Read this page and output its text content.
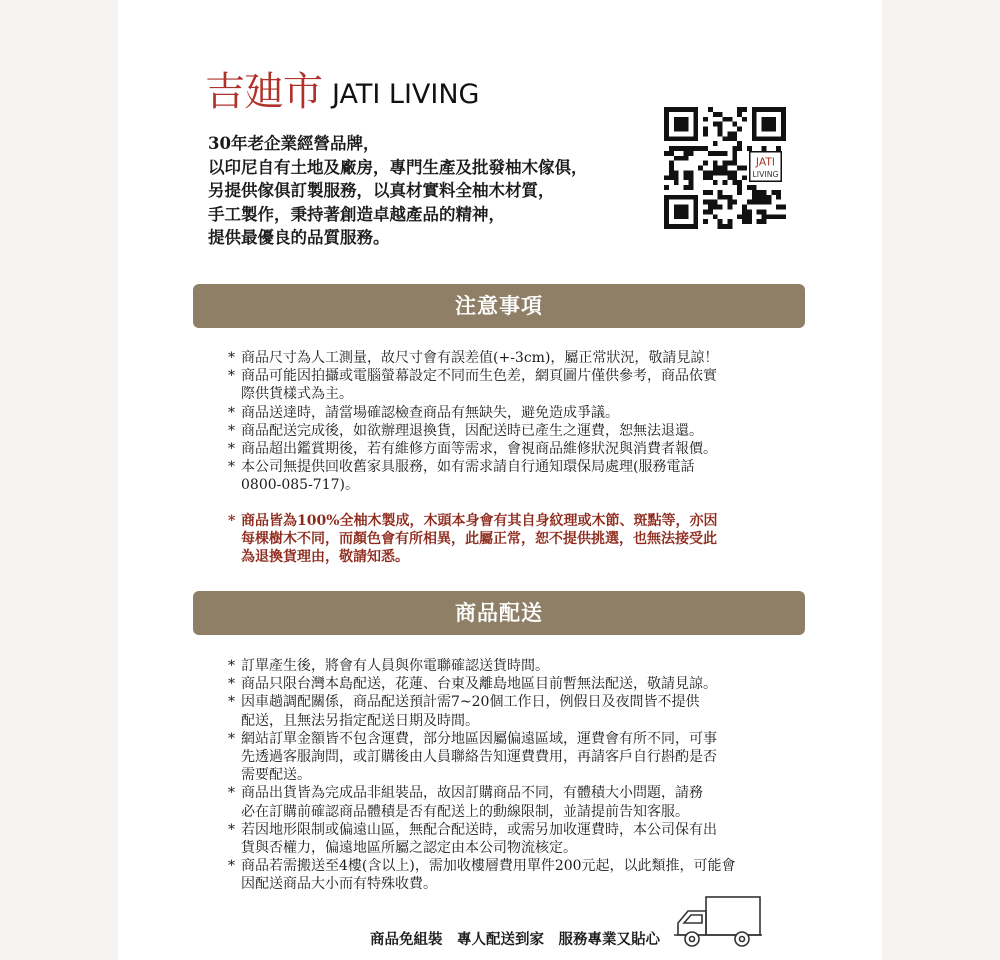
吉廸市 JATI LIVING
30年老企業經營品牌，
以印尼自有土地及廠房，專門生產及批發柚木傢俱，
另提供傢俱訂製服務，以真材實料全柚木材質，
手工製作，秉持著創造卓越產品的精神，
提供最優良的品質服務。
JATI
LIVING
注意事項
* 商品尺寸為人工測量，故尺寸會有誤差值(+-3cm)，屬正常狀況，敬請見諒！
* 商品可能因拍攝或電腦螢幕設定不同而生色差，網頁圖片僅供參考，商品依實
際供貨樣式為主。
* 商品送達時，請當場確認檢查商品有無缺失，避免造成爭議。
* 商品配送完成後，如欲辦理退換貨，因配送時已產生之運費，恕無法退還。
* 商品超出鑑賞期後，若有維修方面等需求，會視商品維修狀況與消費者報價。
* 本公司無提供回收舊家具服務，如有需求請自行通知環保局處理(服務電話
0800-085-717)。
* 商品皆為100%全柚木製成，木頭本身會有其自身紋理或木節、斑點等，亦因
每棵樹木不同，而顏色會有所相異，此屬正常，恕不提供挑選，也無法接受此
為退換貨理由，敬請知悉。
商品配送
* 訂單產生後，將會有人員與你電聯確認送貨時間。
* 商品只限台灣本島配送，花蓮、台東及離島地區目前暫無法配送，敬請見諒。
* 因車趟調配關係，商品配送預計需7~20個工作日，例假日及夜間皆不提供
配送，且無法另指定配送日期及時間。
* 網站訂單金額皆不包含運費，部分地區因屬偏遠區域，運費會有所不同，可事
先透過客服詢問，或訂購後由人員聯絡告知運費費用，再請客戶自行斟酌是否
需要配送。
* 商品出貨皆為完成品非組裝品，故因訂購商品不同，有體積大小問題，請務
必在訂購前確認商品體積是否有配送上的動線限制，並請提前告知客服。
* 若因地形限制或偏遠山區，無配合配送時，或需另加收運費時，本公司保有出
貨與否權力，偏遠地區所屬之認定由本公司物流核定。
* 商品若需搬送至4樓(含以上)，需加收樓層費用單件200元起，以此類推，可能會
因配送商品大小而有特殊收費。
商品免組裝　專人配送到家　服務專業又貼心
